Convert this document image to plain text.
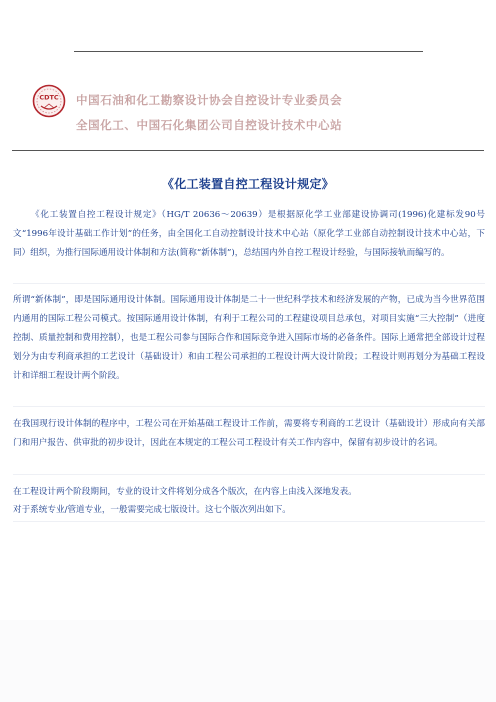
CDTC 中国石油和化工勘察设计协会自控设计专业委员会
全国化工、中国石化集团公司自控设计技术中心站
《化工装置自控工程设计规定》

《化工装置自控工程设计规定》（HG/T 20636～20639）是根据原化学工业部建设协调司(1996)化建标发90号文“1996年设计基础工作计划”的任务，由全国化工自动控制设计技术中心站（原化学工业部自动控制设计技术中心站，下同）组织，为推行国际通用设计体制和方法(简称“新体制”)，总结国内外自控工程设计经验，与国际接轨而编写的。

所谓“新体制”，即是国际通用设计体制。国际通用设计体制是二十一世纪科学技术和经济发展的产物，已成为当今世界范围内通用的国际工程公司模式。按国际通用设计体制，有利于工程公司的工程建设项目总承包，对项目实施“三大控制”（进度控制、质量控制和费用控制），也是工程公司参与国际合作和国际竞争进入国际市场的必备条件。国际上通常把全部设计过程划分为由专利商承担的工艺设计（基础设计）和由工程公司承担的工程设计两大设计阶段；工程设计则再划分为基础工程设计和详细工程设计两个阶段。

在我国现行设计体制的程序中，工程公司在开始基础工程设计工作前，需要将专利商的工艺设计（基础设计）形成向有关部门和用户报告、供审批的初步设计，因此在本规定的工程公司工程设计有关工作内容中，保留有初步设计的名词。

在工程设计两个阶段期间，专业的设计文件将划分成各个版次，在内容上由浅入深地发表。

对于系统专业/管道专业，一般需要完成七版设计。这七个版次列出如下。
